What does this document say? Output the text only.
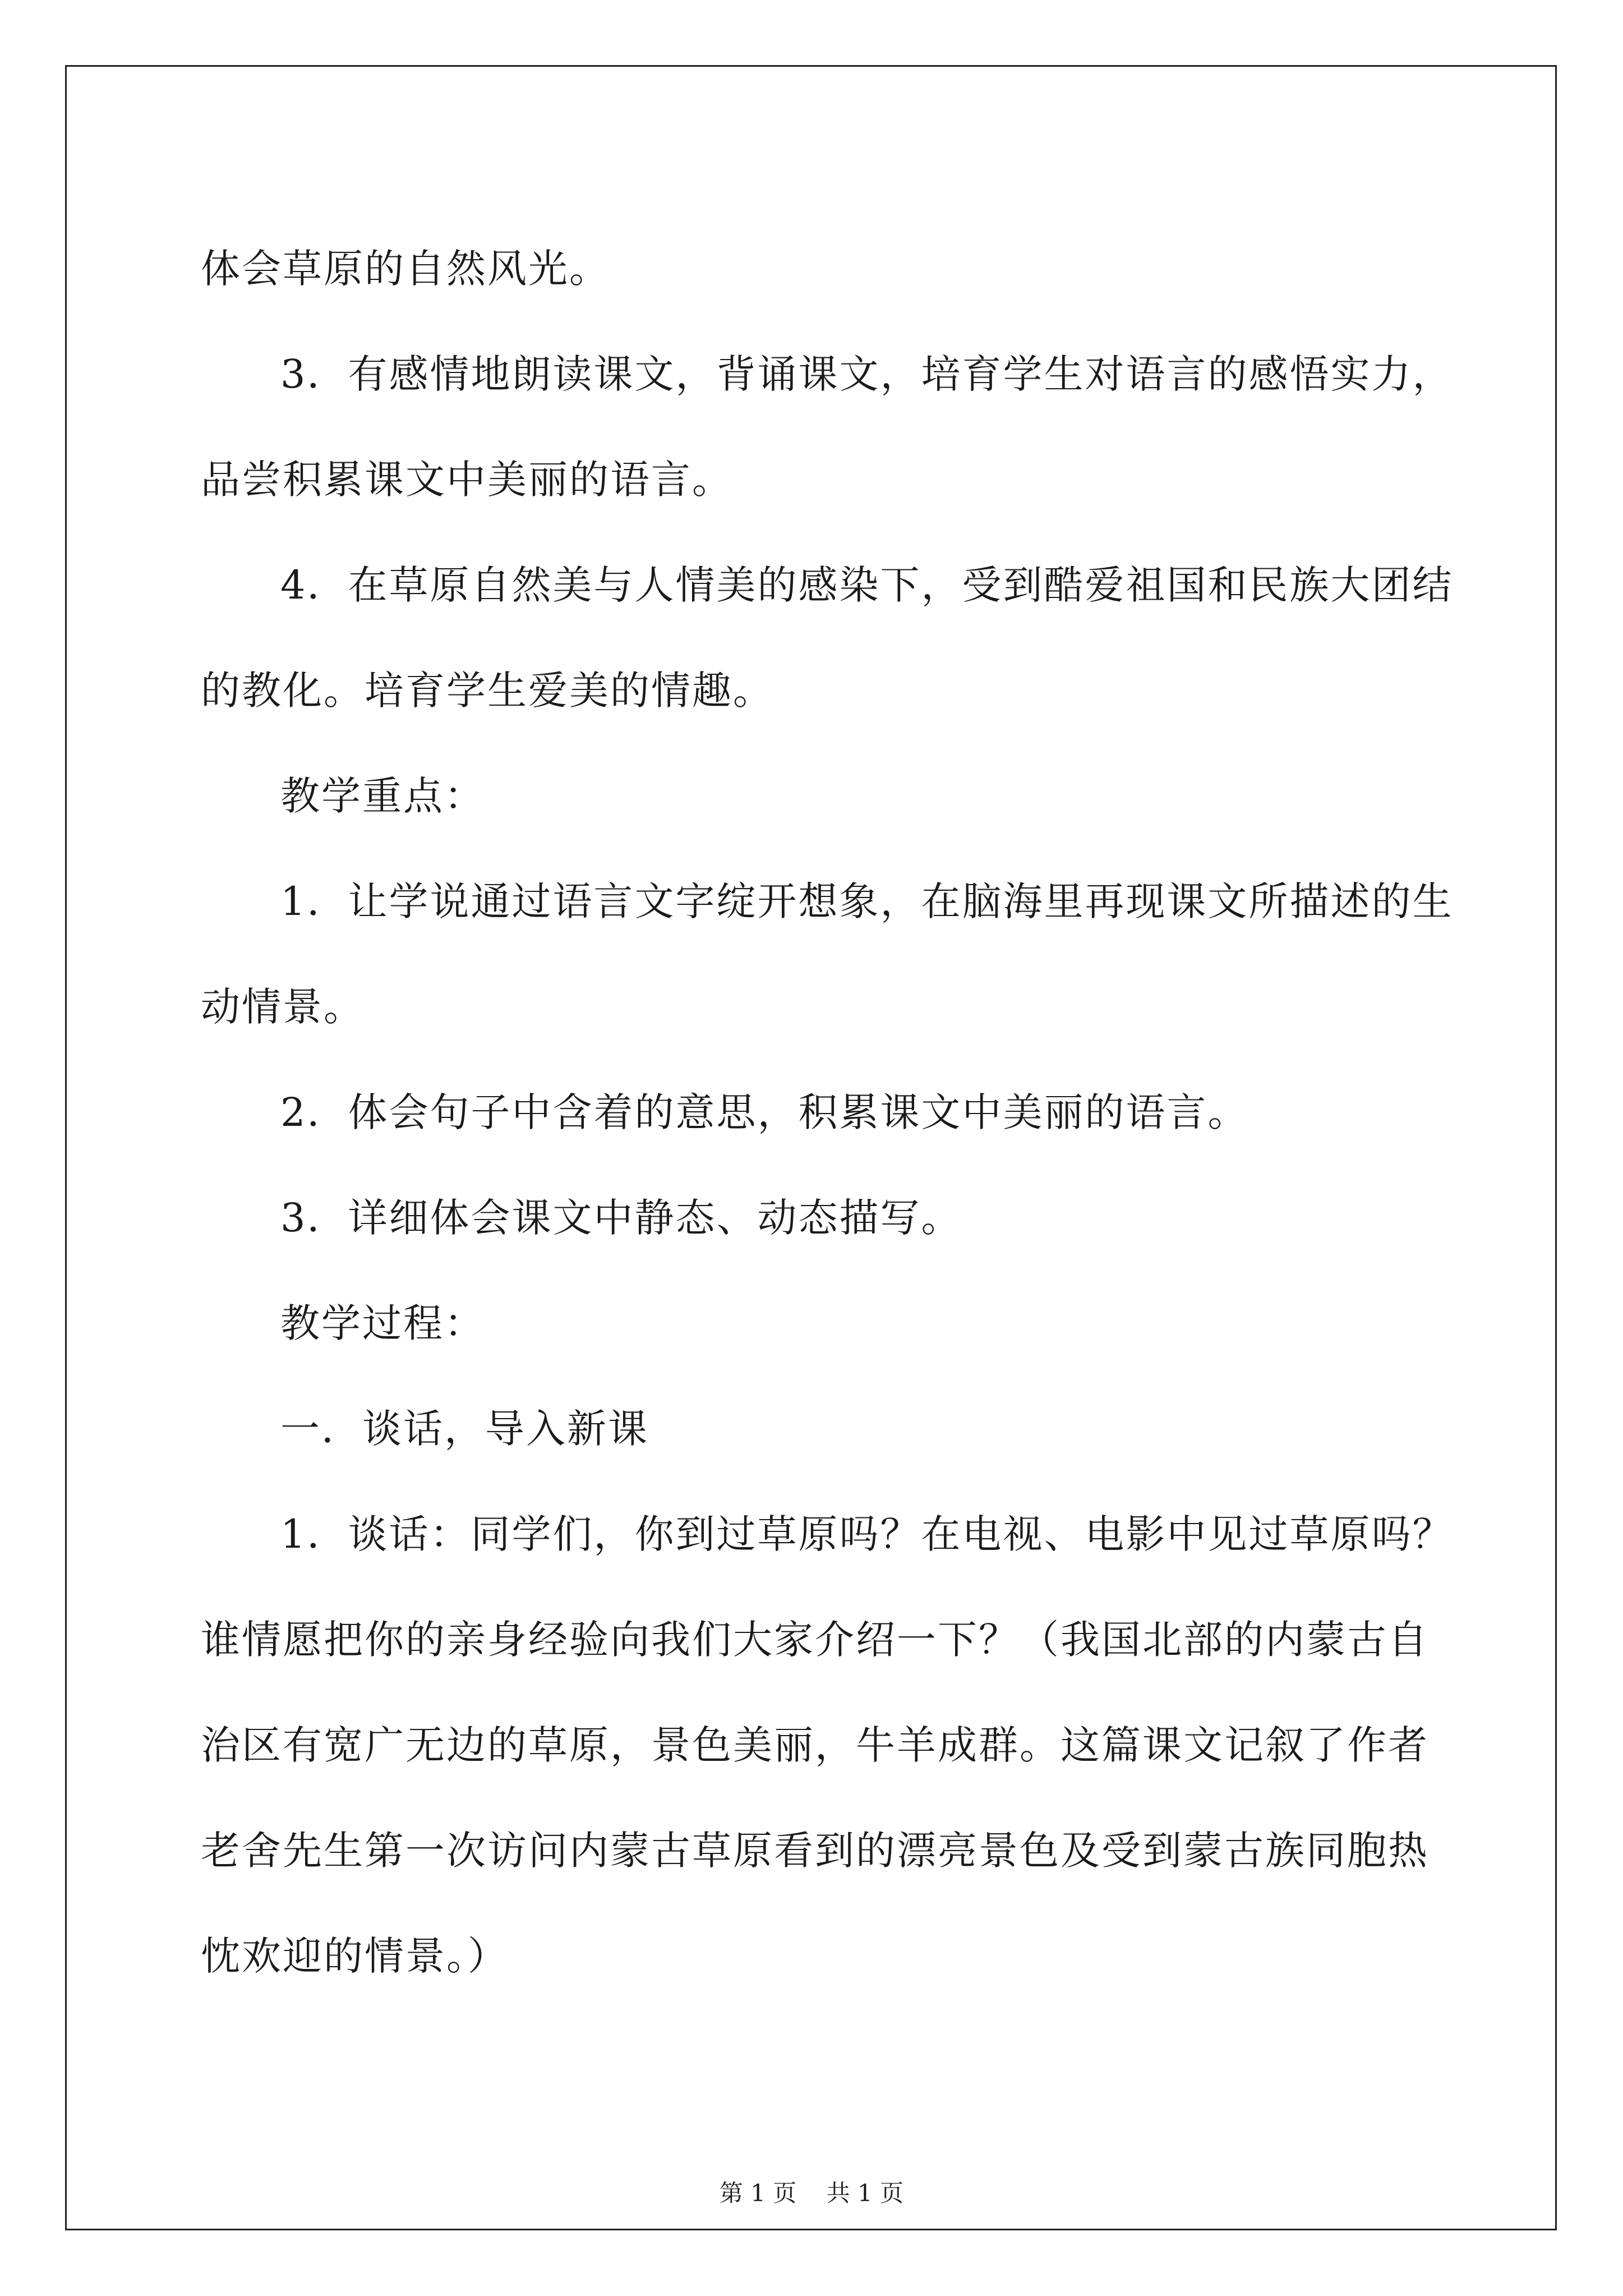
体会草原的自然风光。

3．有感情地朗读课文，背诵课文，培育学生对语言的感悟实力，

品尝积累课文中美丽的语言。

4．在草原自然美与人情美的感染下，受到酷爱祖国和民族大团结

的教化。培育学生爱美的情趣。

教学重点：

1．让学说通过语言文字绽开想象，在脑海里再现课文所描述的生

动情景。

2．体会句子中含着的意思，积累课文中美丽的语言。

3．详细体会课文中静态、动态描写。

教学过程：

一．谈话，导入新课

1．谈话：同学们，你到过草原吗？在电视、电影中见过草原吗？

谁情愿把你的亲身经验向我们大家介绍一下？（我国北部的内蒙古自

治区有宽广无边的草原，景色美丽，牛羊成群。这篇课文记叙了作者

老舍先生第一次访问内蒙古草原看到的漂亮景色及受到蒙古族同胞热

忱欢迎的情景。）

第 1 页    共 1 页
